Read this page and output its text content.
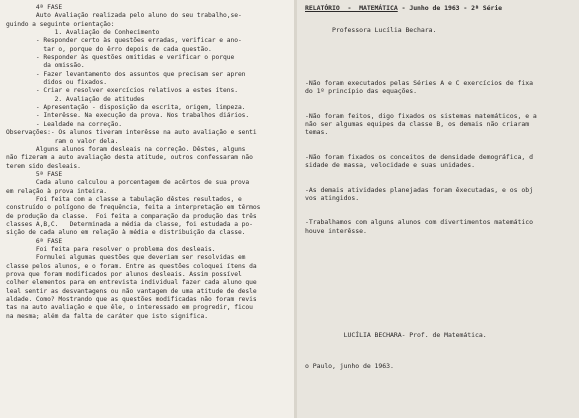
4ª FASE
Auto Avaliação realizada pelo aluno do seu trabalho,se-
guindo a seguinte orientação:
1. Avaliação de Conhecimento
- Responder certo às questões erradas, verificar e ano-
tar o, porque do êrro depois de cada questão.
- Responder às questões omitidas e verificar o porque
da omissão.
- Fazer levantamento dos assuntos que precisam ser apren
didos ou fixados.
- Criar e resolver exercícios relativos a estes ítens.
2. Avaliação de atitudes
- Apresentação - disposição da escrita, origem, limpeza.
- Interêsse. Na execução da prova. Nos trabalhos diários.
- Lealdade na correção.
Observações:- Os alunos tiveram interêsse na auto avaliação e senti
ram o valor dela.
Alguns alunos foram desleais na correção. Dêstes, alguns
não fizeram a auto avaliação desta atitude, outros confessaram não
terem sido desleais.
5ª FASE
Cada aluno calculou a porcentagem de acêrtos de sua prova
em relação à prova inteira.
Foi feita com a classe a tabulação dêstes resultados, e
construído o polígono de frequência, feita a interpretação em têrmos
de produção da classe.  Foi feita a comparação da produção das três
classes A,B,C.   Determinada a média da classe, foi estudada a po-
sição de cada aluno em relação à média e distribuição da classe.
6ª FASE
Foi feita para resolver o problema dos desleais.
Formulei algumas questões que deveriam ser resolvidas em
classe pelos alunos, e o foram. Entre as questões coloquei ítens da
prova que foram modificados por alunos desleais. Assim possível
colher elementos para em entrevista individual fazer cada aluno que
leal sentir as desvantagens ou não vantagem de uma atitude de desle
aldade. Como? Mostrando que as questões modificadas não foram revis
tas na auto avaliação e que êle, o interessado em progredir, ficou
na mesma; além da falta de caráter que isto significa.
RELATÓRIO  -  MATEMÁTICA - Junho de 1963 - 2ª Série
Professora Lucília Bechara.
-Não foram executados pelas Séries A e C exercícios de fixa
do 1º princípio das equações.
-Não foram feitos, digo fixados os sistemas matemáticos, e a
não ser algumas equipes da classe B, os demais não criaram
temas.
-Não foram fixados os conceitos de densidade demográfica, d
sidade de massa, velocidade e suas unidades.
-As demais atividades planejadas foram êxecutadas, e os obj
vos atingidos.
-Trabalhamos com alguns alunos com divertimentos matemático
houve interêsse.
LUCÍLIA BECHARA- Prof. de Matemática.
o Paulo, junho de 1963.
